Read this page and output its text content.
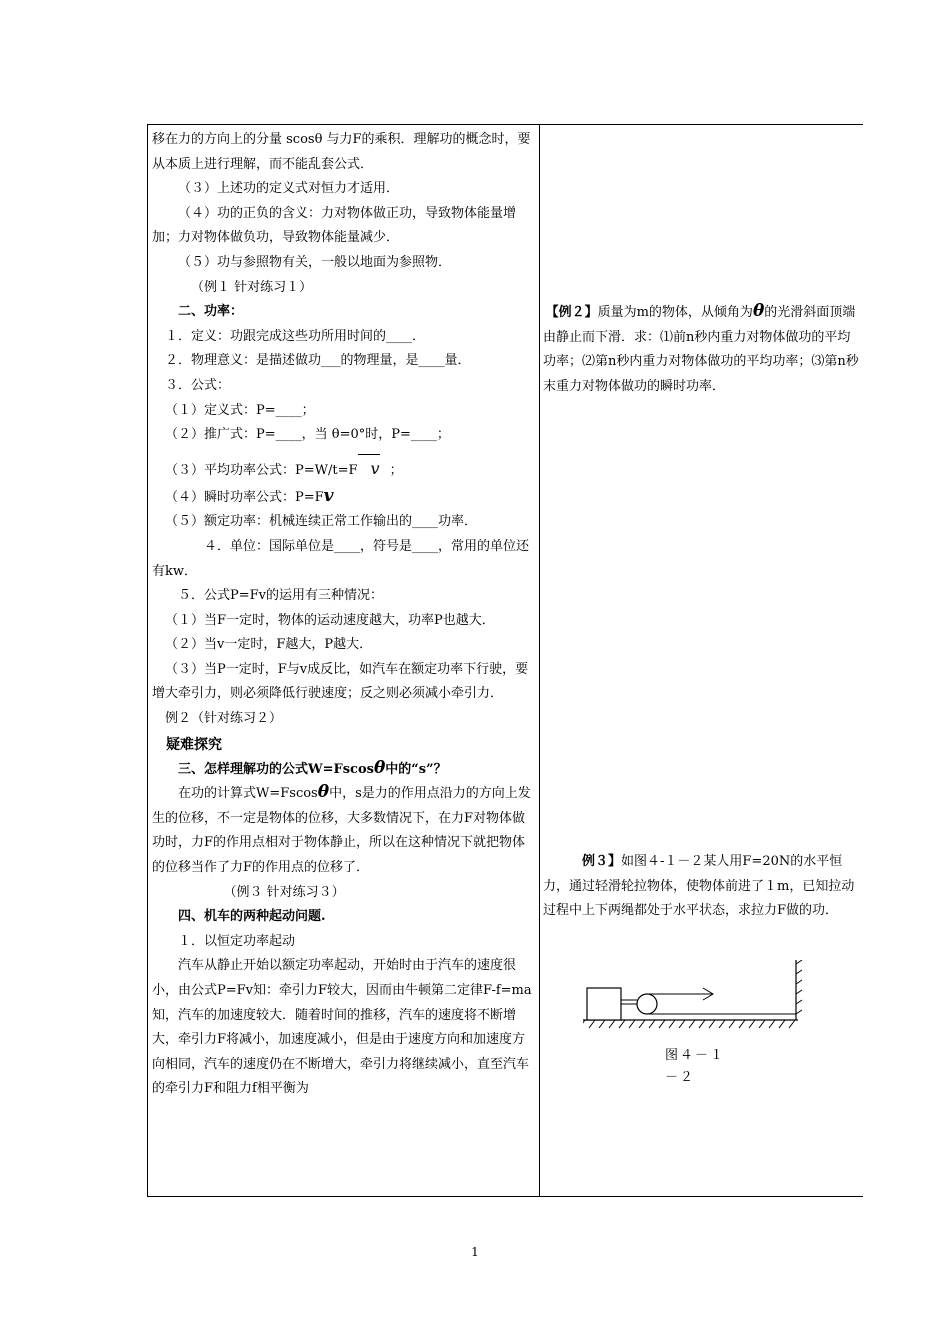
移在力的方向上的分量 scosθ 与力F的乘积．理解功的概念时，要从本质上进行理解，而不能乱套公式．

（３）上述功的定义式对恒力才适用．

（４）功的正负的含义：力对物体做正功，导致物体能量增加；力对物体做负功，导致物体能量减少．

（５）功与参照物有关，一般以地面为参照物．

（例１ 针对练习１）

二、功率：

１．定义：功跟完成这些功所用时间的____．

２．物理意义：是描述做功___的物理量，是____量．

３．公式：

（１）定义式：P=____；

（２）推广式：P=____，当 θ=0°时，P=____；

（３）平均功率公式：P=W/t=F v ；

（４）瞬时功率公式：P=Fv

（５）额定功率：机械连续正常工作输出的____功率．

４．单位：国际单位是____，符号是____，常用的单位还有kw．

５．公式P=Fv的运用有三种情况：

（１）当F一定时，物体的运动速度越大，功率P也越大．

（２）当v一定时，F越大，P越大．

（３）当P一定时，F与v成反比，如汽车在额定功率下行驶，要增大牵引力，则必须降低行驶速度；反之则必须减小牵引力．

例２（针对练习２）

疑难探究

三、怎样理解功的公式W=Fscosθ中的“s”？

在功的计算式W=Fscosθ中，s是力的作用点沿力的方向上发生的位移，不一定是物体的位移，大多数情况下，在力F对物体做功时，力F的作用点相对于物体静止，所以在这种情况下就把物体的位移当作了力F的作用点的位移了．

（例３ 针对练习３）

四、机车的两种起动问题.

１．以恒定功率起动

汽车从静止开始以额定功率起动，开始时由于汽车的速度很小，由公式P=Fv知：牵引力F较大，因而由牛顿第二定律F-f=ma知，汽车的加速度较大．随着时间的推移，汽车的速度将不断增大，牵引力F将减小，加速度减小，但是由于速度方向和加速度方向相同，汽车的速度仍在不断增大，牵引力将继续减小，直至汽车的牵引力F和阻力f相平衡为

【例２】质量为m的物体，从倾角为θ的光滑斜面顶端由静止而下滑．求：⑴前n秒内重力对物体做功的平均功率；⑵第n秒内重力对物体做功的平均功率；⑶第n秒末重力对物体做功的瞬时功率．

例３】如图４-１－２某人用F=20N的水平恒力，通过轻滑轮拉物体，使物体前进了１m，已知拉动过程中上下两绳都处于水平状态，求拉力F做的功．

图４－１
－２
1
